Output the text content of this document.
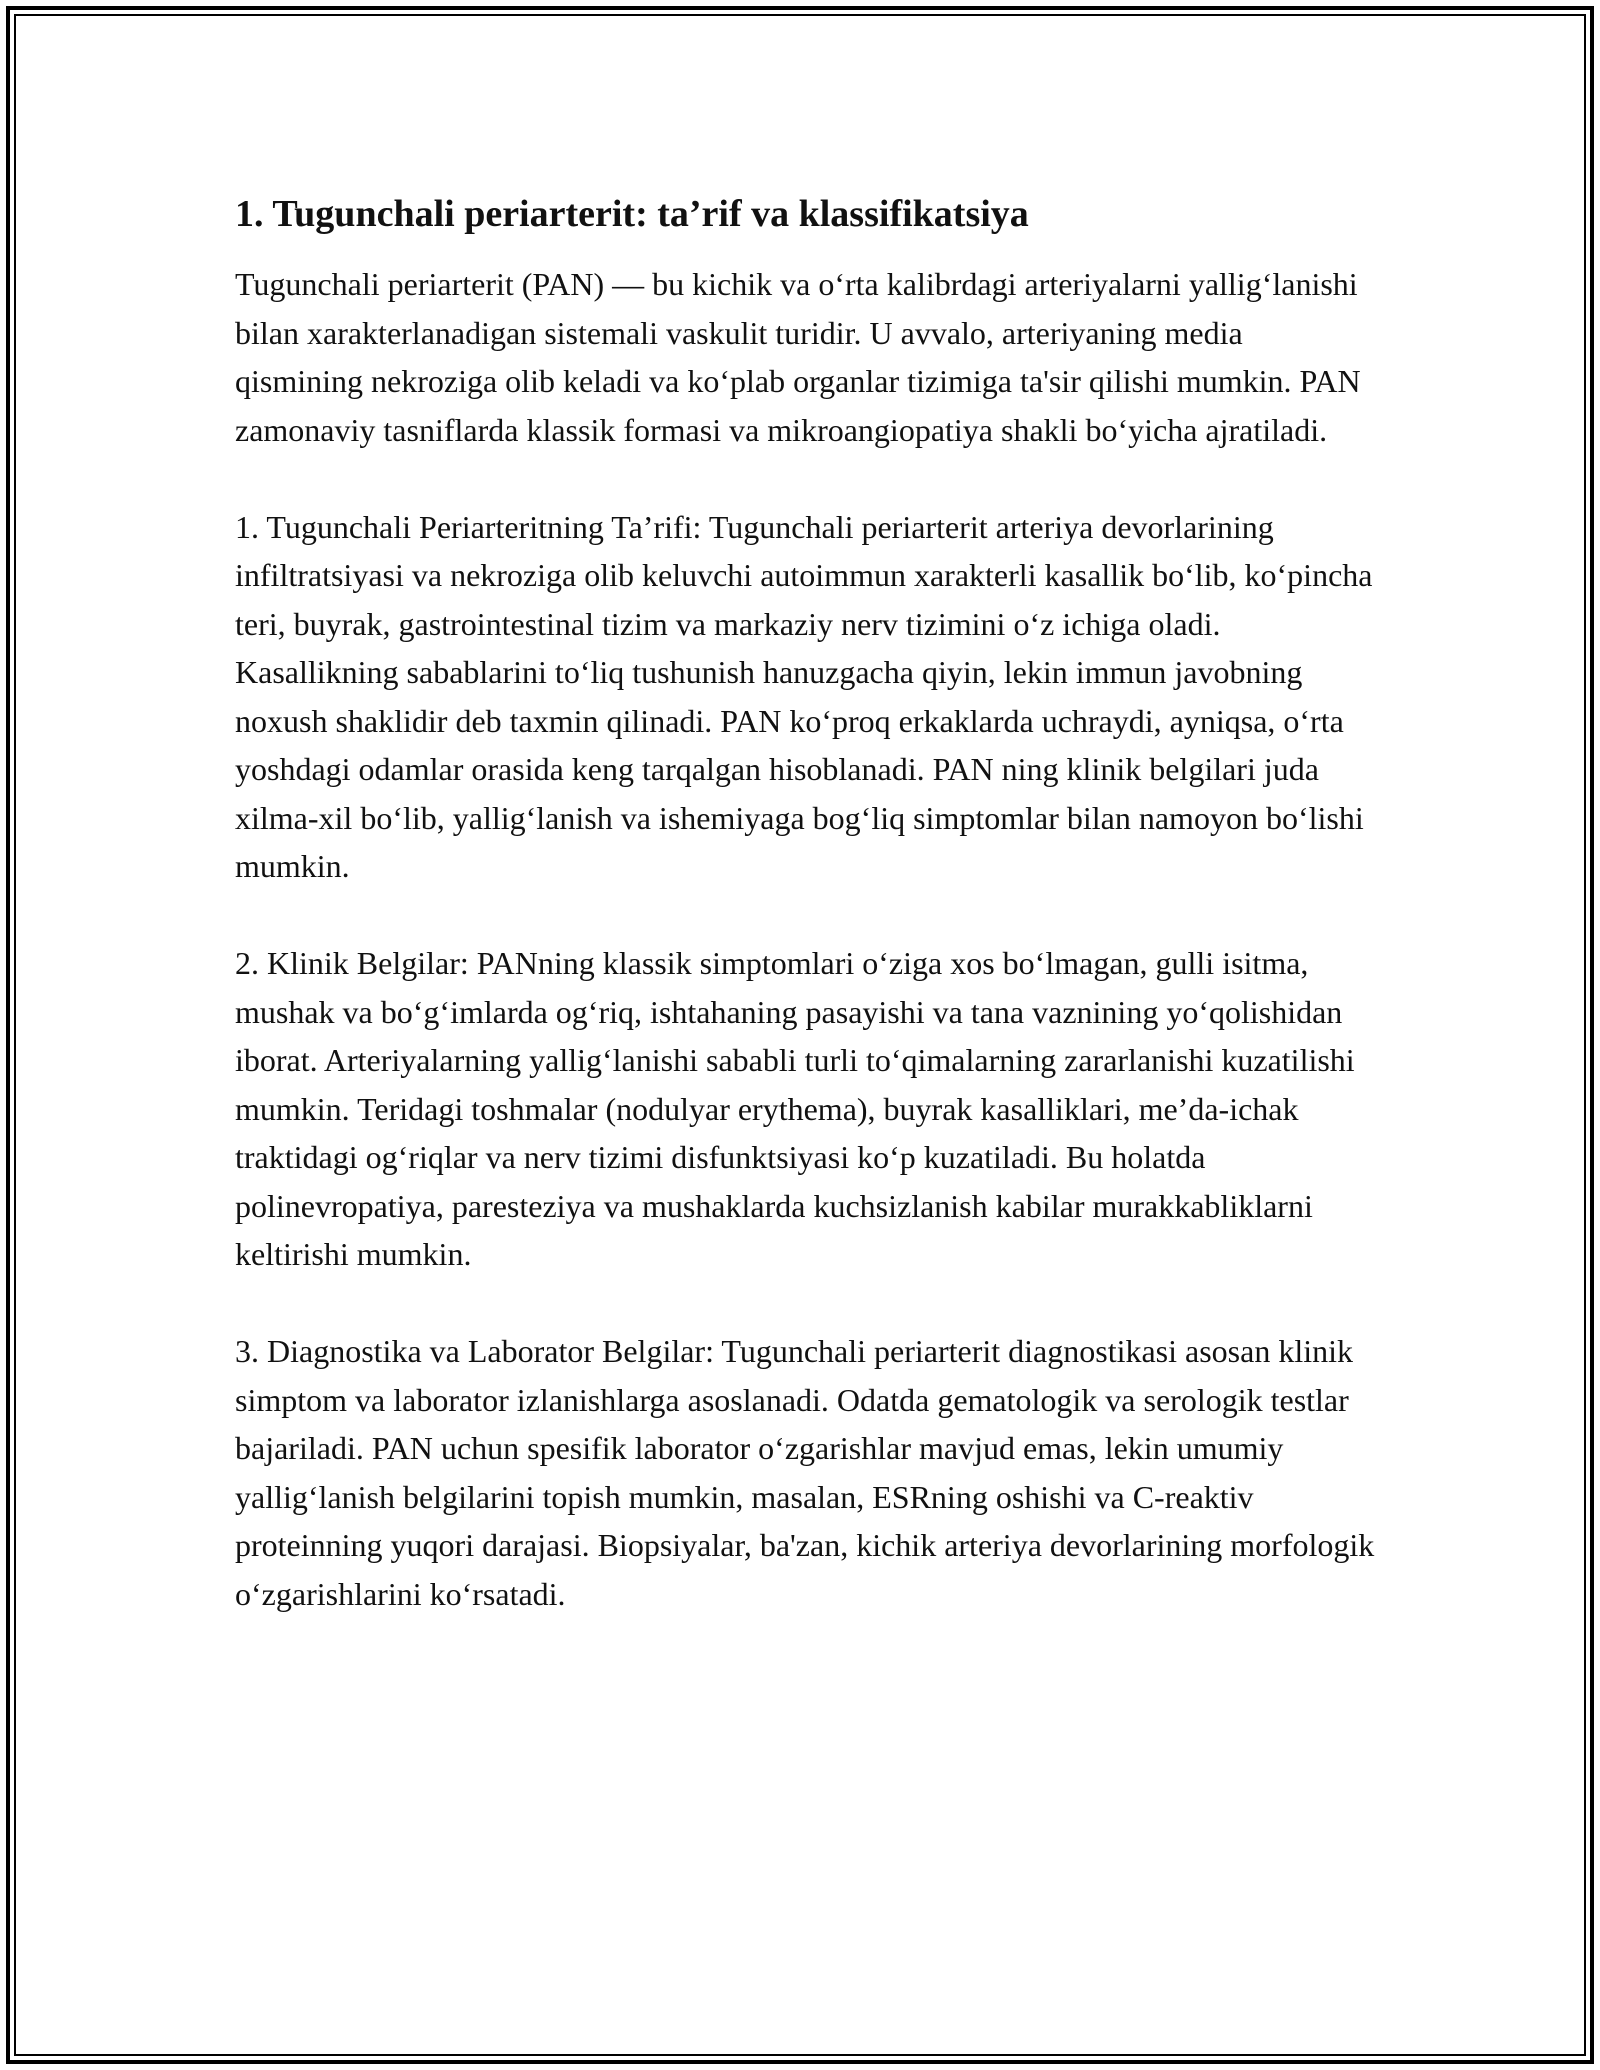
1. Tugunchali periarterit: ta’rif va klassifikatsiya

Tugunchali periarterit (PAN) — bu kichik va o‘rta kalibrdagi arteriyalarni yallig‘lanishi bilan xarakterlanadigan sistemali vaskulit turidir. U avvalo, arteriyaning media qismining nekroziga olib keladi va ko‘plab organlar tizimiga ta'sir qilishi mumkin. PAN zamonaviy tasniflarda klassik formasi va mikroangiopatiya shakli bo‘yicha ajratiladi.

1. Tugunchali Periarteritning Ta’rifi: Tugunchali periarterit arteriya devorlarining infiltratsiyasi va nekroziga olib keluvchi autoimmun xarakterli kasallik bo‘lib, ko‘pincha teri, buyrak, gastrointestinal tizim va markaziy nerv tizimini o‘z ichiga oladi. Kasallikning sabablarini to‘liq tushunish hanuzgacha qiyin, lekin immun javobning noxush shaklidir deb taxmin qilinadi. PAN ko‘proq erkaklarda uchraydi, ayniqsa, o‘rta yoshdagi odamlar orasida keng tarqalgan hisoblanadi. PAN ning klinik belgilari juda xilma-xil bo‘lib, yallig‘lanish va ishemiyaga bog‘liq simptomlar bilan namoyon bo‘lishi mumkin.

2. Klinik Belgilar: PANning klassik simptomlari o‘ziga xos bo‘lmagan, gulli isitma, mushak va bo‘g‘imlarda og‘riq, ishtahaning pasayishi va tana vaznining yo‘qolishidan iborat. Arteriyalarning yallig‘lanishi sababli turli to‘qimalarning zararlanishi kuzatilishi mumkin. Teridagi toshmalar (nodulyar erythema), buyrak kasalliklari, me’da-ichak traktidagi og‘riqlar va nerv tizimi disfunktsiyasi ko‘p kuzatiladi. Bu holatda polinevropatiya, paresteziya va mushaklarda kuchsizlanish kabilar murakkabliklarni keltirishi mumkin.

3. Diagnostika va Laborator Belgilar: Tugunchali periarterit diagnostikasi asosan klinik simptom va laborator izlanishlarga asoslanadi. Odatda gematologik va serologik testlar bajariladi. PAN uchun spesifik laborator o‘zgarishlar mavjud emas, lekin umumiy yallig‘lanish belgilarini topish mumkin, masalan, ESRning oshishi va C-reaktiv proteinning yuqori darajasi. Biopsiyalar, ba'zan, kichik arteriya devorlarining morfologik o‘zgarishlarini ko‘rsatadi.
